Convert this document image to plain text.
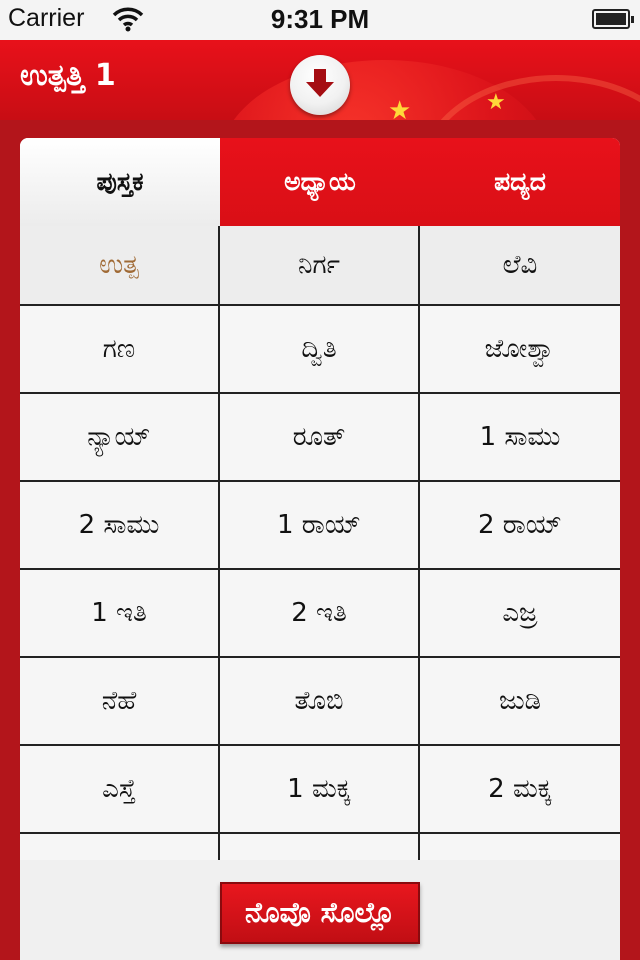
Carrier	9:31 PM
★	★
ಉತ್ಪತ್ತಿ 1
ಪುಸ್ತಕ	ಅಧ್ಯಾಯ	ಪದ್ಯದ
ಉತ್ಪ	ನಿರ್ಗ	ಲೆವಿ
ಗಣ	ದ್ವಿತಿ	ಜೋಶ್ವಾ
ನ್ಯಾಯ್	ರೂತ್	1 ಸಾಮು
2 ಸಾಮು	1 ರಾಯ್	2 ರಾಯ್
1 ಇತಿ	2 ಇತಿ	ಎಜ್ರ
ನೆಹೆ	ತೊಬಿ	ಜುಡಿ
ಎಸ್ತೆ	1 ಮಕ್ಕ	2 ಮಕ್ಕ
ನೊವೊ ಸೊಲ್ಲೊ
